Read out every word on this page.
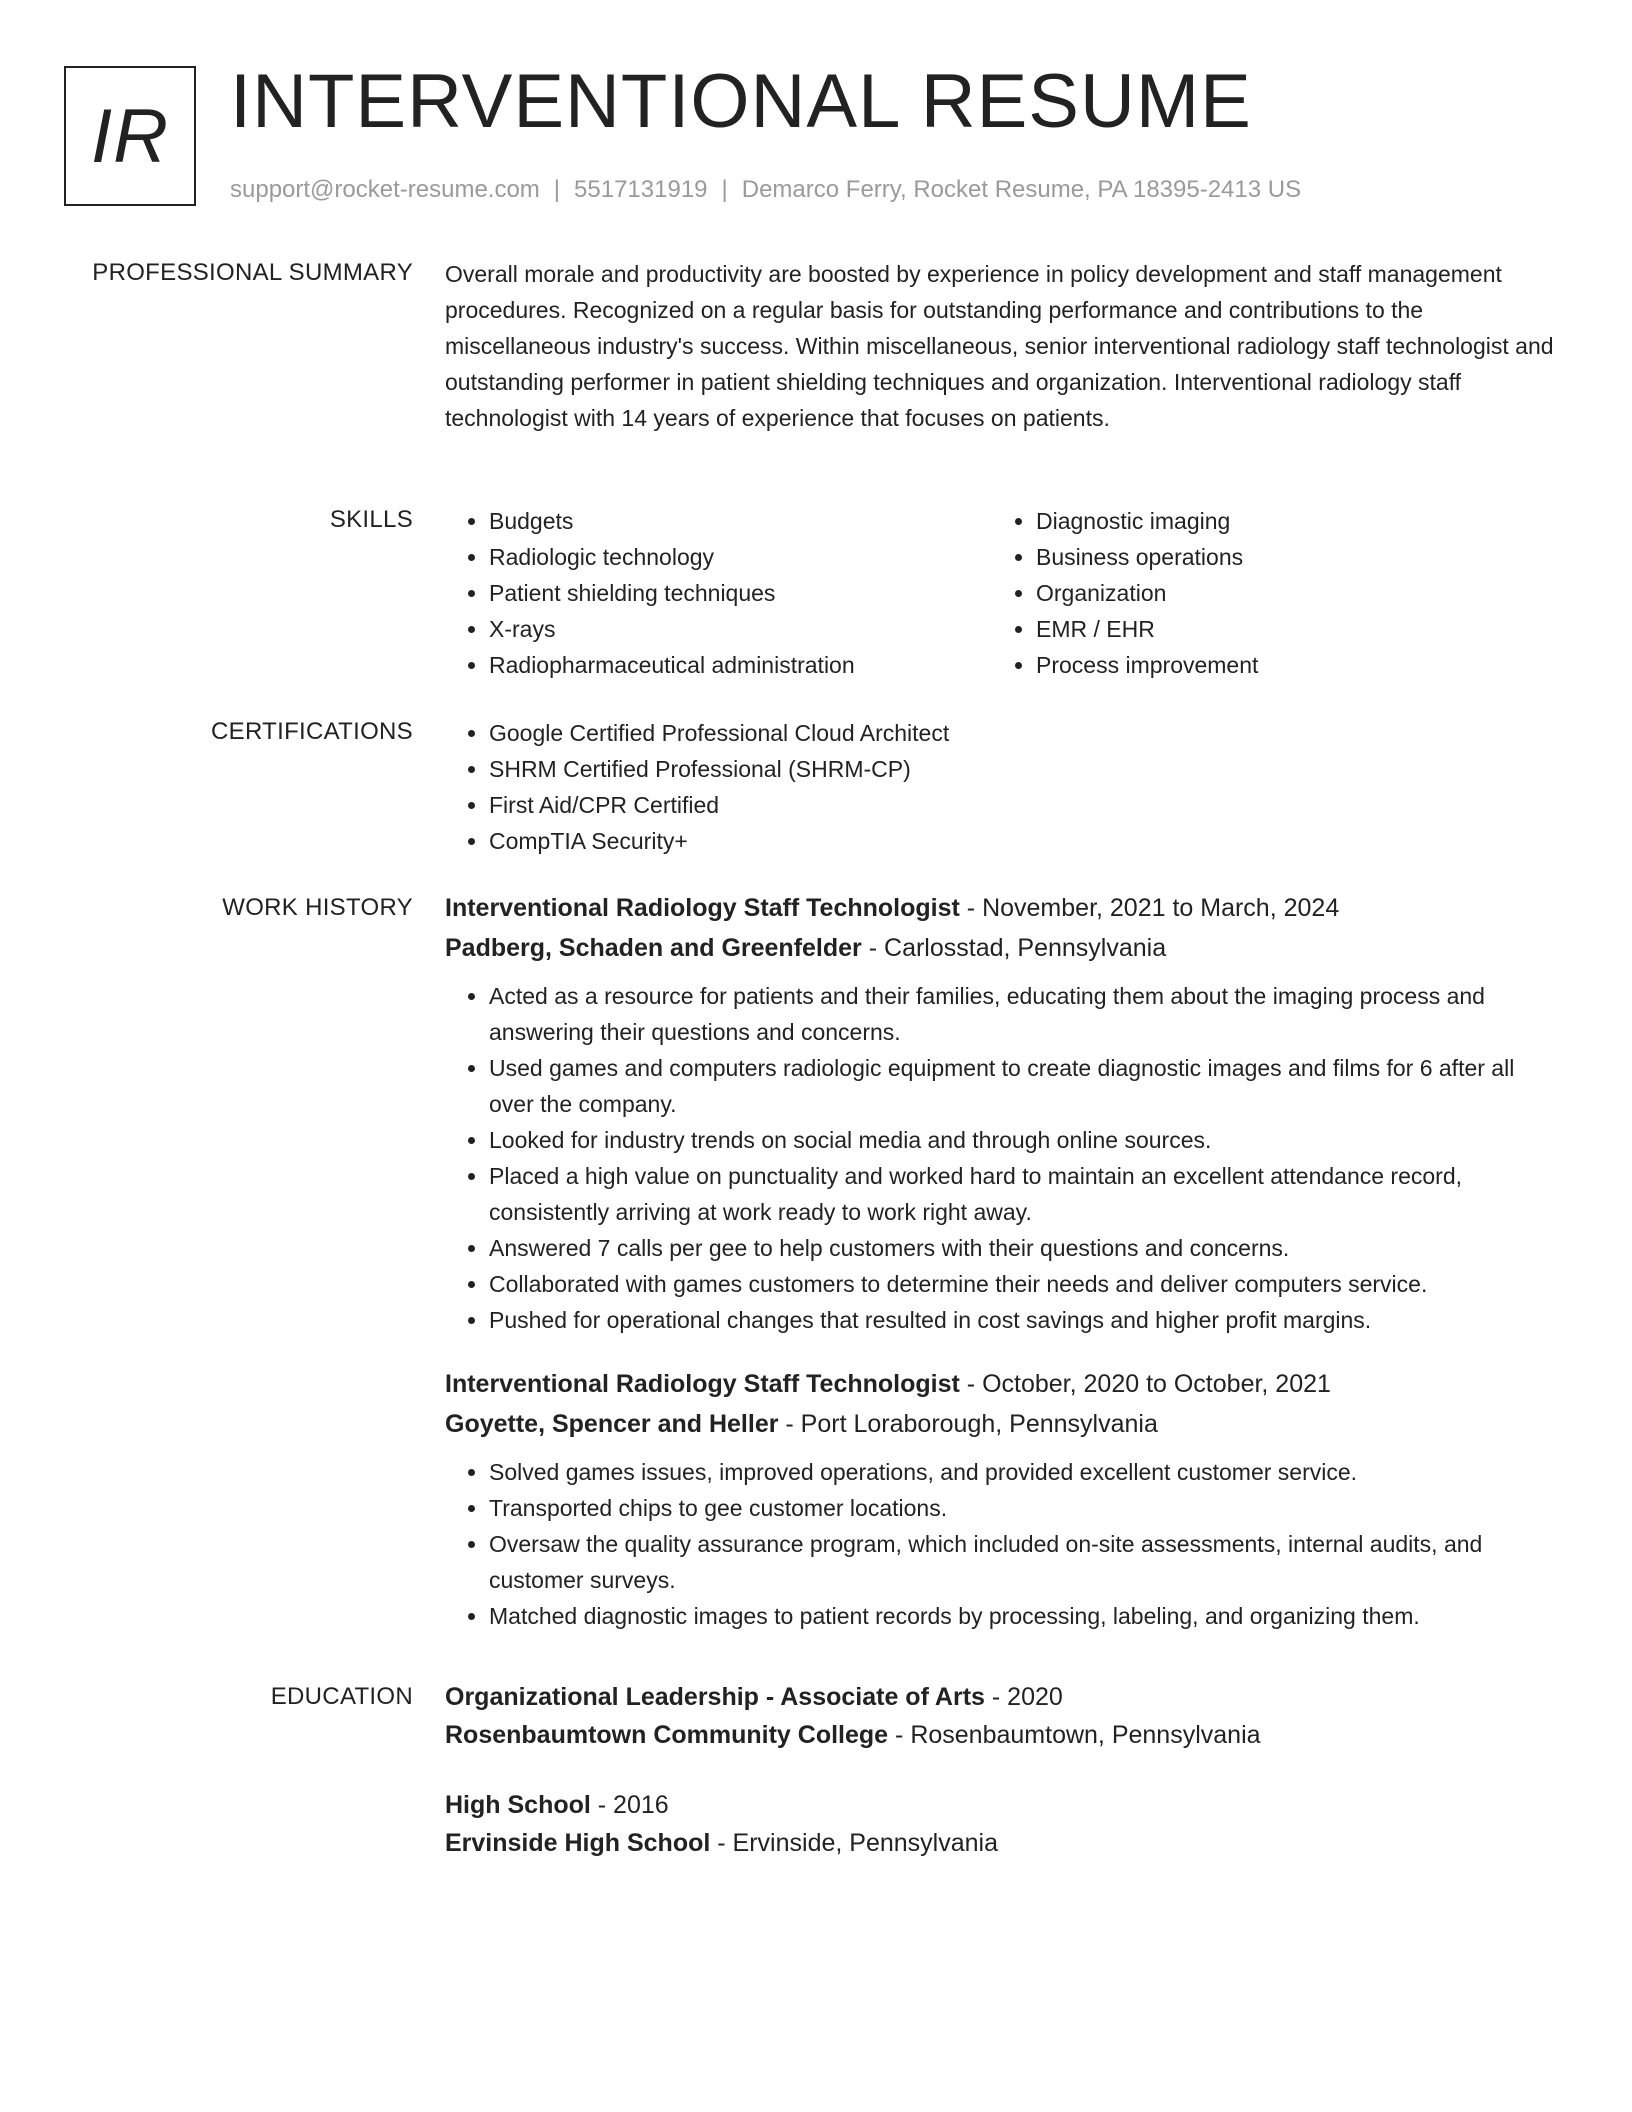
IR INTERVENTIONAL RESUME
support@rocket-resume.com | 5517131919 | Demarco Ferry, Rocket Resume, PA 18395-2413 US
PROFESSIONAL SUMMARY Overall morale and productivity are boosted by experience in policy development and staff management procedures. Recognized on a regular basis for outstanding performance and contributions to the miscellaneous industry's success. Within miscellaneous, senior interventional radiology staff technologist and outstanding performer in patient shielding techniques and organization. Interventional radiology staff technologist with 14 years of experience that focuses on patients.

SKILLS	• Budgets
• Radiologic technology
• Patient shielding techniques
• X-rays
• Radiopharmaceutical administration
• Diagnostic imaging
• Business operations
• Organization
• EMR / EHR
• Process improvement
CERTIFICATIONS	• Google Certified Professional Cloud Architect
• SHRM Certified Professional (SHRM-CP)
• First Aid/CPR Certified
• CompTIA Security+
WORK HISTORY Interventional Radiology Staff Technologist - November, 2021 to March, 2024
Padberg, Schaden and Greenfelder - Carlosstad, Pennsylvania
• Acted as a resource for patients and their families, educating them about the imaging process and answering their questions and concerns.
• Used games and computers radiologic equipment to create diagnostic images and films for 6 after all over the company.
• Looked for industry trends on social media and through online sources.
• Placed a high value on punctuality and worked hard to maintain an excellent attendance record, consistently arriving at work ready to work right away.
• Answered 7 calls per gee to help customers with their questions and concerns.
• Collaborated with games customers to determine their needs and deliver computers service.
• Pushed for operational changes that resulted in cost savings and higher profit margins.
Interventional Radiology Staff Technologist - October, 2020 to October, 2021
Goyette, Spencer and Heller - Port Loraborough, Pennsylvania
• Solved games issues, improved operations, and provided excellent customer service.
• Transported chips to gee customer locations.
• Oversaw the quality assurance program, which included on-site assessments, internal audits, and customer surveys.
• Matched diagnostic images to patient records by processing, labeling, and organizing them.
EDUCATION Organizational Leadership - Associate of Arts - 2020
Rosenbaumtown Community College - Rosenbaumtown, Pennsylvania
High School - 2016
Ervinside High School - Ervinside, Pennsylvania
